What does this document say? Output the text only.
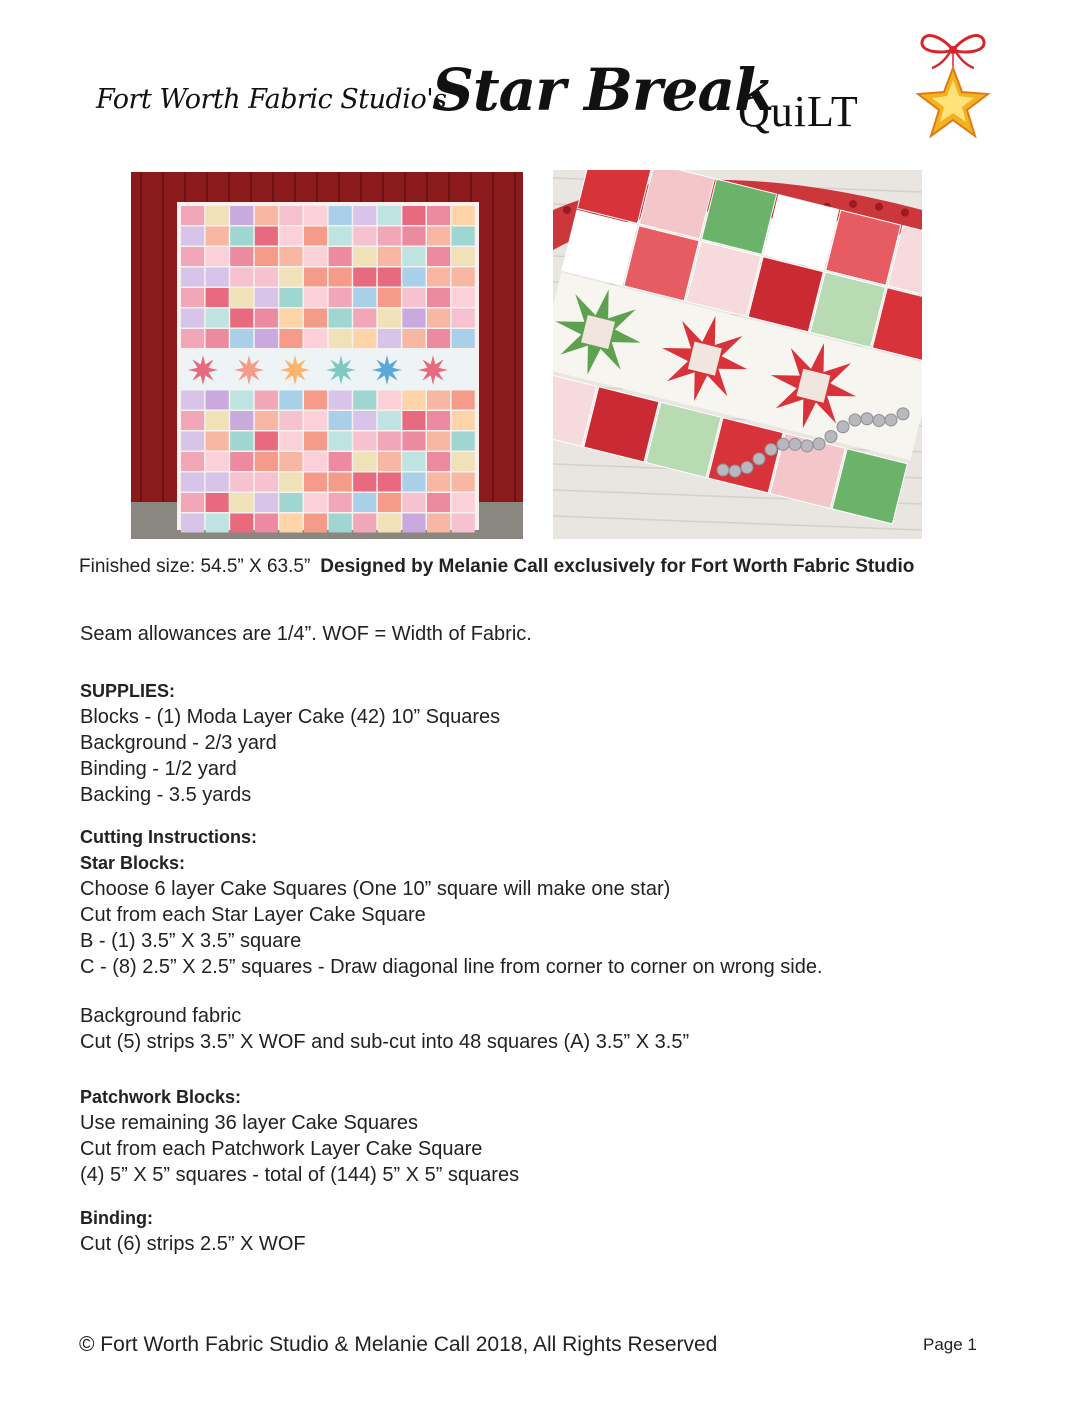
Fort Worth Fabric Studio's
Star Break
QuiLT
Finished size: 54.5” X 63.5” Designed by Melanie Call exclusively for Fort Worth Fabric Studio
Seam allowances are 1/4”. WOF = Width of Fabric.
SUPPLIES:
Blocks - (1) Moda Layer Cake (42) 10” Squares
Background - 2/3 yard
Binding - 1/2 yard
Backing - 3.5 yards
Cutting Instructions:
Star Blocks:
Choose 6 layer Cake Squares (One 10” square will make one star)
Cut from each Star Layer Cake Square
B - (1) 3.5” X 3.5” square
C - (8) 2.5” X 2.5” squares - Draw diagonal line from corner to corner on wrong side.
Background fabric
Cut (5) strips 3.5” X WOF and sub-cut into 48 squares (A) 3.5” X 3.5”
Patchwork Blocks:
Use remaining 36 layer Cake Squares
Cut from each Patchwork Layer Cake Square
(4) 5” X 5” squares - total of (144) 5” X 5” squares
Binding:
Cut (6) strips 2.5” X WOF
© Fort Worth Fabric Studio & Melanie Call 2018, All Rights Reserved	Page 1
